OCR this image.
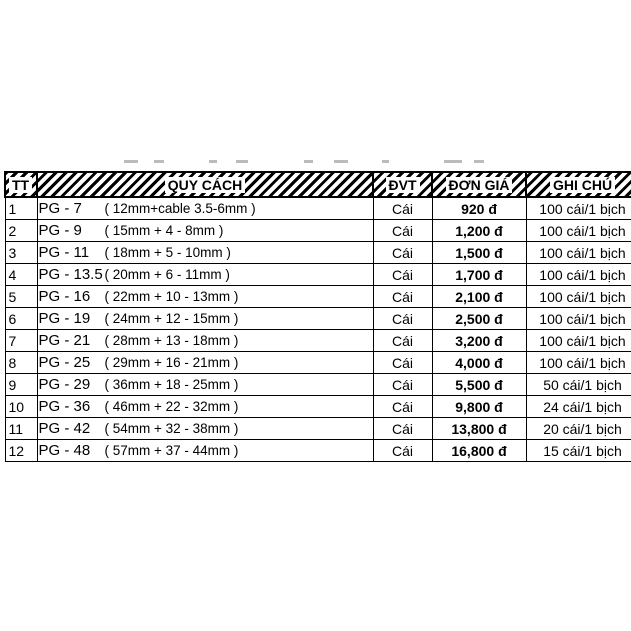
TT	QUY CÁCH	ĐVT	ĐƠN GIÁ	GHI CHÚ
1	PG - 7 ( 12mm+cable 3.5-6mm )	Cái	920 đ	100 cái/1 bịch
2	PG - 9 ( 15mm + 4 - 8mm )	Cái	1,200 đ	100 cái/1 bịch
3	PG - 11 ( 18mm + 5 - 10mm )	Cái	1,500 đ	100 cái/1 bịch
4	PG - 13.5 ( 20mm + 6 - 11mm )	Cái	1,700 đ	100 cái/1 bịch
5	PG - 16 ( 22mm + 10 - 13mm )	Cái	2,100 đ	100 cái/1 bịch
6	PG - 19 ( 24mm + 12 - 15mm )	Cái	2,500 đ	100 cái/1 bịch
7	PG - 21 ( 28mm + 13 - 18mm )	Cái	3,200 đ	100 cái/1 bịch
8	PG - 25 ( 29mm + 16 - 21mm )	Cái	4,000 đ	100 cái/1 bịch
9	PG - 29 ( 36mm + 18 - 25mm )	Cái	5,500 đ	50 cái/1 bịch
10	PG - 36 ( 46mm + 22 - 32mm )	Cái	9,800 đ	24 cái/1 bịch
11	PG - 42 ( 54mm + 32 - 38mm )	Cái	13,800 đ	20 cái/1 bịch
12	PG - 48 ( 57mm + 37 - 44mm )	Cái	16,800 đ	15 cái/1 bịch
